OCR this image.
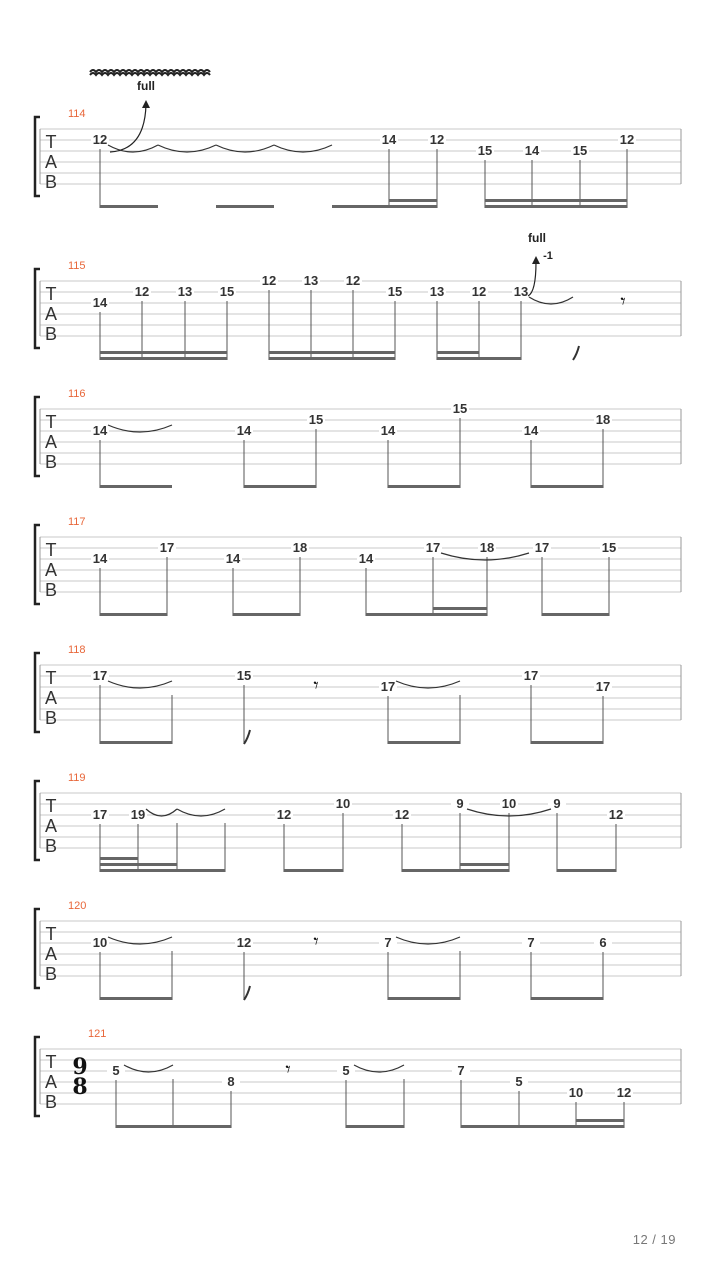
T
A
B
114
12	14	12
15	14	15
12
full
T
A
B
115
14
12 13 15
12 13 12
15 13 12 13	𝄾
full
-1
T
A
B
116
14	14
15
14
15
14
18
T
A
B
117
14
17
14
18
14
17	18	17	15
T
A
B
118
17	15
17
17
17
𝄾
T
A
B
119
17 19	12
10
12
9	10	9
12
T
A
B
120
10	12	7	7	6
𝄾
T
A
B
121
9
8
5
8
5	7
5
10	12
𝄾
12 / 19
